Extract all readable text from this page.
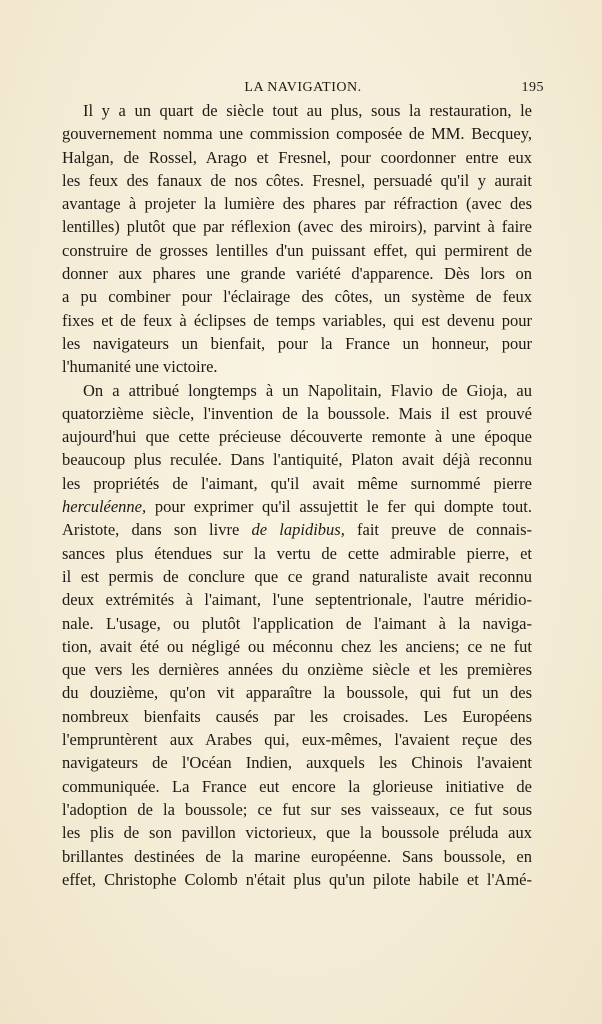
LA NAVIGATION.	195

Il y a un quart de siècle tout au plus, sous la restauration, le
gouvernement nomma une commission composée de MM. Becquey,
Halgan, de Rossel, Arago et Fresnel, pour coordonner entre eux
les feux des fanaux de nos côtes. Fresnel, persuadé qu'il y aurait
avantage à projeter la lumière des phares par réfraction (avec des
lentilles) plutôt que par réflexion (avec des miroirs), parvint à faire
construire de grosses lentilles d'un puissant effet, qui permirent de
donner aux phares une grande variété d'apparence. Dès lors on
a pu combiner pour l'éclairage des côtes, un système de feux
fixes et de feux à éclipses de temps variables, qui est devenu pour
les navigateurs un bienfait, pour la France un honneur, pour
l'humanité une victoire.

On a attribué longtemps à un Napolitain, Flavio de Gioja, au
quatorzième siècle, l'invention de la boussole. Mais il est prouvé
aujourd'hui que cette précieuse découverte remonte à une époque
beaucoup plus reculée. Dans l'antiquité, Platon avait déjà reconnu
les propriétés de l'aimant, qu'il avait même surnommé pierre
herculéenne, pour exprimer qu'il assujettit le fer qui dompte tout.
Aristote, dans son livre de lapidibus, fait preuve de connais-
sances plus étendues sur la vertu de cette admirable pierre, et
il est permis de conclure que ce grand naturaliste avait reconnu
deux extrémités à l'aimant, l'une septentrionale, l'autre méridio-
nale. L'usage, ou plutôt l'application de l'aimant à la naviga-
tion, avait été ou négligé ou méconnu chez les anciens; ce ne fut
que vers les dernières années du onzième siècle et les premières
du douzième, qu'on vit apparaître la boussole, qui fut un des
nombreux bienfaits causés par les croisades. Les Européens
l'empruntèrent aux Arabes qui, eux-mêmes, l'avaient reçue des
navigateurs de l'Océan Indien, auxquels les Chinois l'avaient
communiquée. La France eut encore la glorieuse initiative de
l'adoption de la boussole; ce fut sur ses vaisseaux, ce fut sous
les plis de son pavillon victorieux, que la boussole préluda aux
brillantes destinées de la marine européenne. Sans boussole, en
effet, Christophe Colomb n'était plus qu'un pilote habile et l'Amé-
